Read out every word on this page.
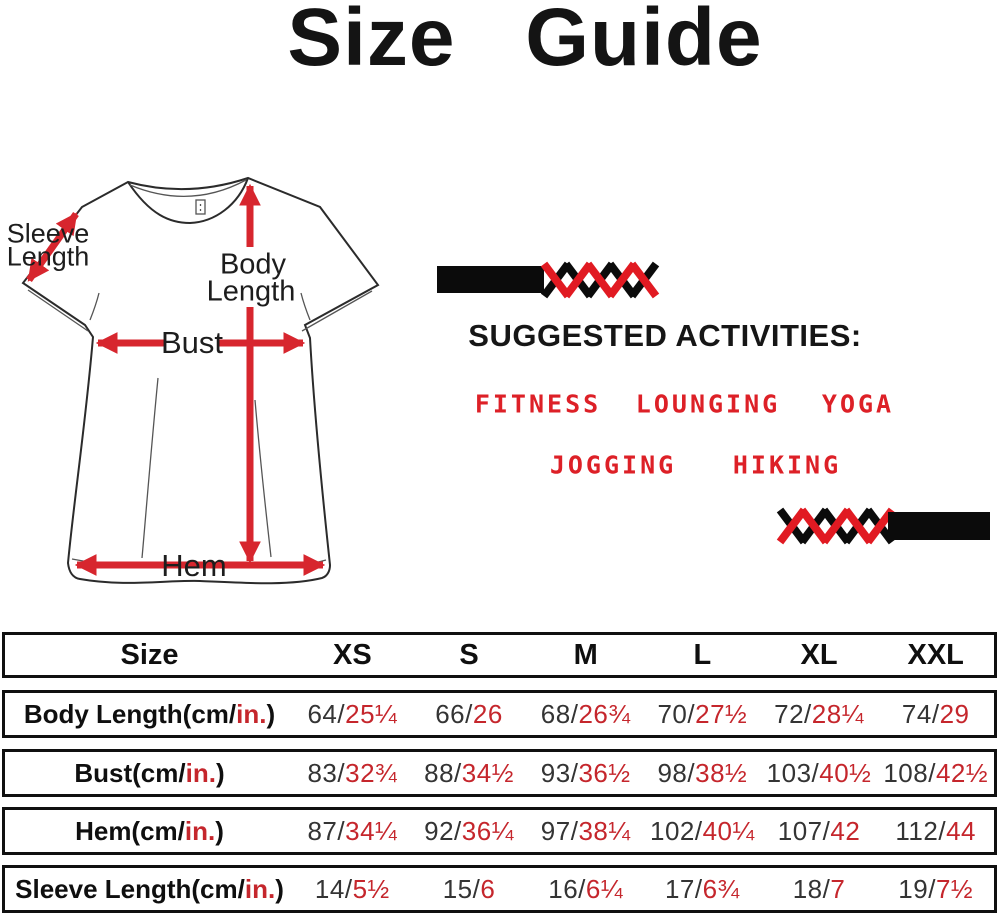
Size Guide
Sleeve
Length	Body
Length
Bust
Hem
SUGGESTED ACTIVITIES:
FITNESS LOUNGING YOGA
JOGGING HIKING
Size	XS	S	M	L	XL	XXL
Body Length(cm/in.)	64/25¼	66/26	68/26¾	70/27½	72/28¼	74/29
Bust(cm/in.)	83/32¾	88/34½	93/36½	98/38½ 103/40½ 108/42½
Hem(cm/in.)	87/34¼	92/36¼	97/38¼ 102/40¼ 107/42	112/44
Sleeve Length(cm/in.)	14/5½	15/6	16/6¼	17/6¾	18/7	19/7½
